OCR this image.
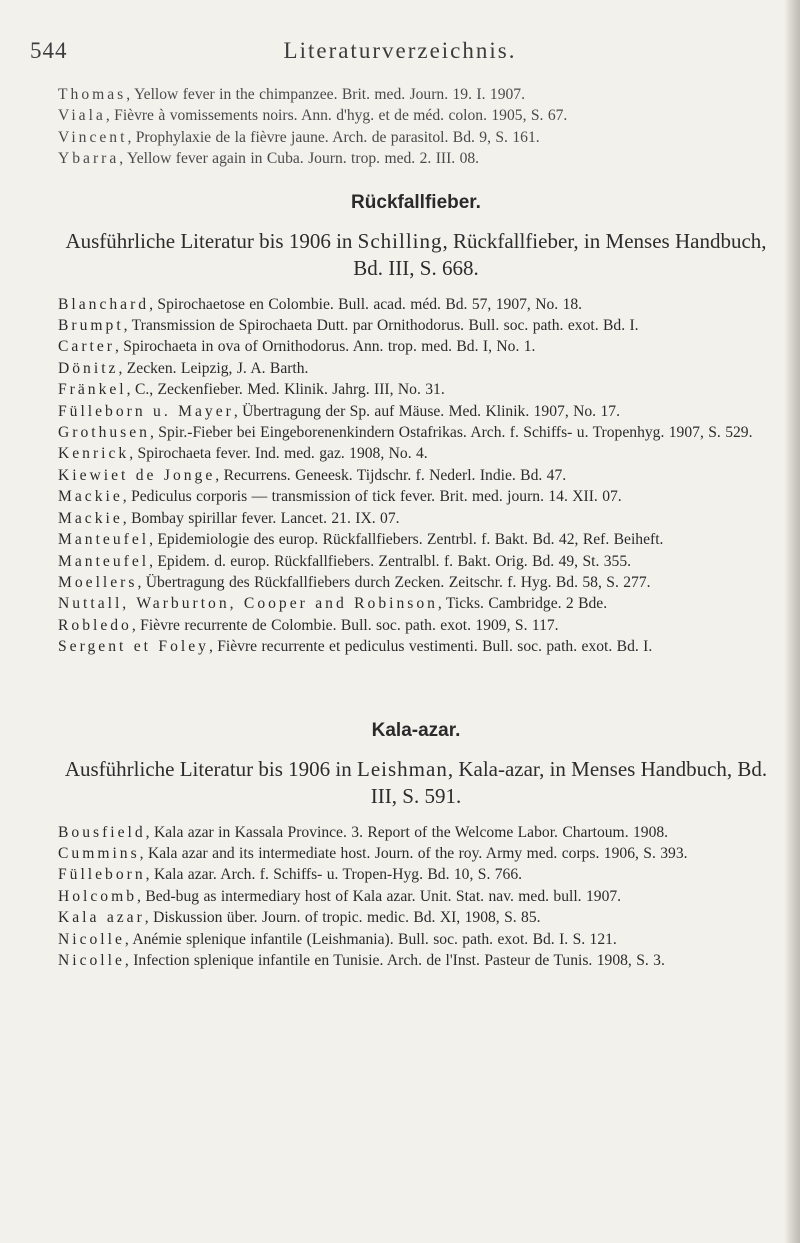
544	Literaturverzeichnis.
Thomas, Yellow fever in the chimpanzee. Brit. med. Journ. 19. I. 1907.
Viala, Fièvre à vomissements noirs. Ann. d'hyg. et de méd. colon. 1905, S. 67.
Vincent, Prophylaxie de la fièvre jaune. Arch. de parasitol. Bd. 9, S. 161.
Ybarra, Yellow fever again in Cuba. Journ. trop. med. 2. III. 08.
Rückfallfieber.
Ausführliche Literatur bis 1906 in Schilling, Rückfallfieber, in Menses Handbuch, Bd. III, S. 668.
Blanchard, Spirochaetose en Colombie. Bull. acad. méd. Bd. 57, 1907, No. 18.
Brumpt, Transmission de Spirochaeta Dutt. par Ornithodorus. Bull. soc. path. exot. Bd. I.
Carter, Spirochaeta in ova of Ornithodorus. Ann. trop. med. Bd. I, No. 1.
Dönitz, Zecken. Leipzig, J. A. Barth.
Fränkel, C., Zeckenfieber. Med. Klinik. Jahrg. III, No. 31.
Fülleborn u. Mayer, Übertragung der Sp. auf Mäuse. Med. Klinik. 1907, No. 17.
Grothusen, Spir.-Fieber bei Eingeborenenkindern Ostafrikas. Arch. f. Schiffs- u. Tropenhyg. 1907, S. 529.
Kenrick, Spirochaeta fever. Ind. med. gaz. 1908, No. 4.
Kiewiet de Jonge, Recurrens. Geneesk. Tijdschr. f. Nederl. Indie. Bd. 47.
Mackie, Pediculus corporis — transmission of tick fever. Brit. med. journ. 14. XII. 07.
Mackie, Bombay spirillar fever. Lancet. 21. IX. 07.
Manteufel, Epidemiologie des europ. Rückfallfiebers. Zentrbl. f. Bakt. Bd. 42, Ref. Beiheft.
Manteufel, Epidem. d. europ. Rückfallfiebers. Zentralbl. f. Bakt. Orig. Bd. 49, St. 355.
Moellers, Übertragung des Rückfallfiebers durch Zecken. Zeitschr. f. Hyg. Bd. 58, S. 277.
Nuttall, Warburton, Cooper and Robinson, Ticks. Cambridge. 2 Bde.
Robledo, Fièvre recurrente de Colombie. Bull. soc. path. exot. 1909, S. 117.
Sergent et Foley, Fièvre recurrente et pediculus vestimenti. Bull. soc. path. exot. Bd. I.
Kala-azar.
Ausführliche Literatur bis 1906 in Leishman, Kala-azar, in Menses Handbuch, Bd. III, S. 591.
Bousfield, Kala azar in Kassala Province. 3. Report of the Welcome Labor. Chartoum. 1908.
Cummins, Kala azar and its intermediate host. Journ. of the roy. Army med. corps. 1906, S. 393.
Fülleborn, Kala azar. Arch. f. Schiffs- u. Tropen-Hyg. Bd. 10, S. 766.
Holcomb, Bed-bug as intermediary host of Kala azar. Unit. Stat. nav. med. bull. 1907.
Kala azar, Diskussion über. Journ. of tropic. medic. Bd. XI, 1908, S. 85.
Nicolle, Anémie splenique infantile (Leishmania). Bull. soc. path. exot. Bd. I. S. 121.
Nicolle, Infection splenique infantile en Tunisie. Arch. de l'Inst. Pasteur de Tunis. 1908, S. 3.
